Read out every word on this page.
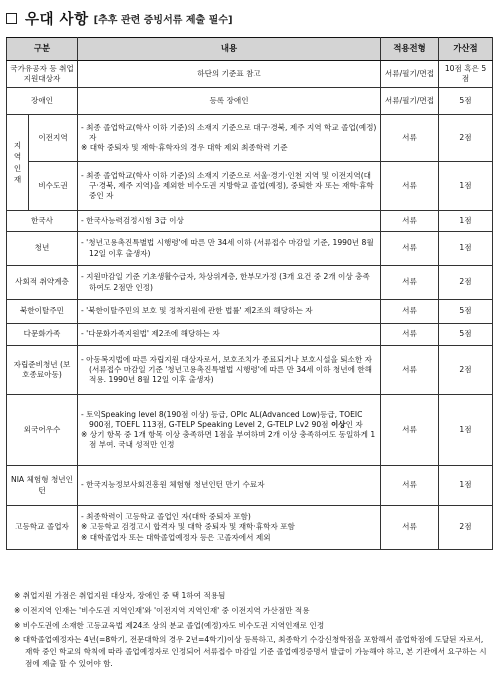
우대 사항 [추후 관련 증빙서류 제출 필수]
구분		내용	적용전형	가산점
국가유공자 등 취업지원대상자		하단의 기준표 참고	서류/필기/면접	10점 혹은 5점
장애인		등록 장애인	서류/필기/면접	5점
지
역
인
재	이전지역	- 최종 졸업학교(학사 이하 기준)의 소재지 기준으로 대구·경북, 제주 지역 학교 졸업(예정)자
※ 대학 중퇴자 및 재학·휴학자의 경우 대학 제외 최종학력 기준	서류	2점
	비수도권	- 최종 졸업학교(학사 이하 기준)의 소재지 기준으로 서울·경기·인천 지역 및 이전지역(대구·경북, 제주 지역)을 제외한 비수도권 지방학교 졸업(예정), 중퇴한 자 또는 재학·휴학 중인 자	서류	1점
한국사		- 한국사능력검정시험 3급 이상	서류	1점
청년		- '청년고용촉진특별법 시행령'에 따른 만 34세 이하 (서류접수 마감일 기준, 1990년 8월 12일 이후 출생자)	서류	1점
사회적 취약계층		- 지원마감일 기준 기초생활수급자, 차상위계층, 한부모가정 (3개 요건 중 2개 이상 충족하여도 2점만 인정)	서류	2점
북한이탈주민		- '북한이탈주민의 보호 및 정착지원에 관한 법률' 제2조의 해당하는 자	서류	5점
다문화가족		- '다문화가족지원법' 제2조에 해당하는 자	서류	5점
자립준비청년 (보호종료아동)		- 아동복지법에 따른 자립지원 대상자로서, 보호조치가 종료되거나 보호시설을 퇴소한 자 (서류접수 마감일 기준 '청년고용촉진특별법 시행령'에 따른 만 34세 이하 청년에 한해 적용. 1990년 8월 12일 이후 출생자)	서류	2점
외국어우수		- 토익Speaking level 8(190점 이상) 등급, OPIc AL(Advanced Low)등급, TOEIC 900점, TOEFL 113점, G-TELP Speaking Level 2, G-TELP Lv2 90점 이상인 자
※ 상기 항목 중 1개 항목 이상 충족하면 1점을 부여하며 2개 이상 충족하여도 동일하게 1점 부여. 국내 성적만 인정	서류	1점
NIA 체험형 청년인턴		- 한국지능정보사회진흥원 체험형 청년인턴 만기 수료자	서류	1점
고등학교 졸업자		- 최종학력이 고등학교 졸업인 자(대학 중퇴자 포함)
※ 고등학교 검정고시 합격자 및 대학 중퇴자 및 재학·휴학자 포함
※ 대학졸업자 또는 대학졸업예정자 등은 고졸자에서 제외	서류	2점
※ 취업지원 가점은 취업지원 대상자, 장애인 중 택 1하여 적용됨
※ 이전지역 인재는 '비수도권 지역인재'와 '이전지역 지역인재' 중 이전지역 가산점만 적용
※ 비수도권에 소재한 고등교육법 제24조 상의 분교 졸업(예정)자도 비수도권 지역인재로 인정
※ 대학졸업예정자는 4년(=8학기, 전문대학의 경우 2년=4학기)이상 등록하고, 최종학기 수강신청학점을 포함해서 졸업학점에 도달된 자로서, 재학 중인 학교의 학칙에 따라 졸업예정자로 인정되어 서류접수 마감일 기준 졸업예정증명서 발급이 가능해야 하고, 본 기관에서 요구하는 시점에 제출 할 수 있어야 함.
